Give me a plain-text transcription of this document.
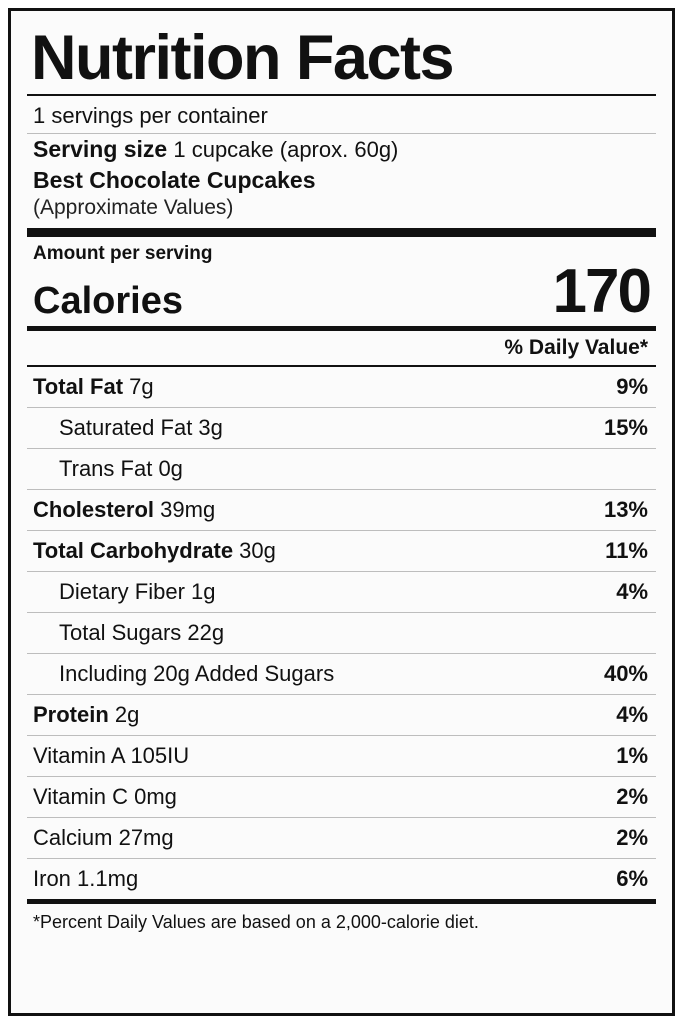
Nutrition Facts
1 servings per container
Serving size 1 cupcake (aprox. 60g)
Best Chocolate Cupcakes
(Approximate Values)
Amount per serving
Calories	170
% Daily Value*
Total Fat 7g	9%
Saturated Fat 3g	15%
Trans Fat 0g
Cholesterol 39mg	13%
Total Carbohydrate 30g	11%
Dietary Fiber 1g	4%
Total Sugars 22g
Including 20g Added Sugars	40%
Protein 2g	4%
Vitamin A 105IU	1%
Vitamin C 0mg	2%
Calcium 27mg	2%
Iron 1.1mg	6%
*Percent Daily Values are based on a 2,000-calorie diet.
